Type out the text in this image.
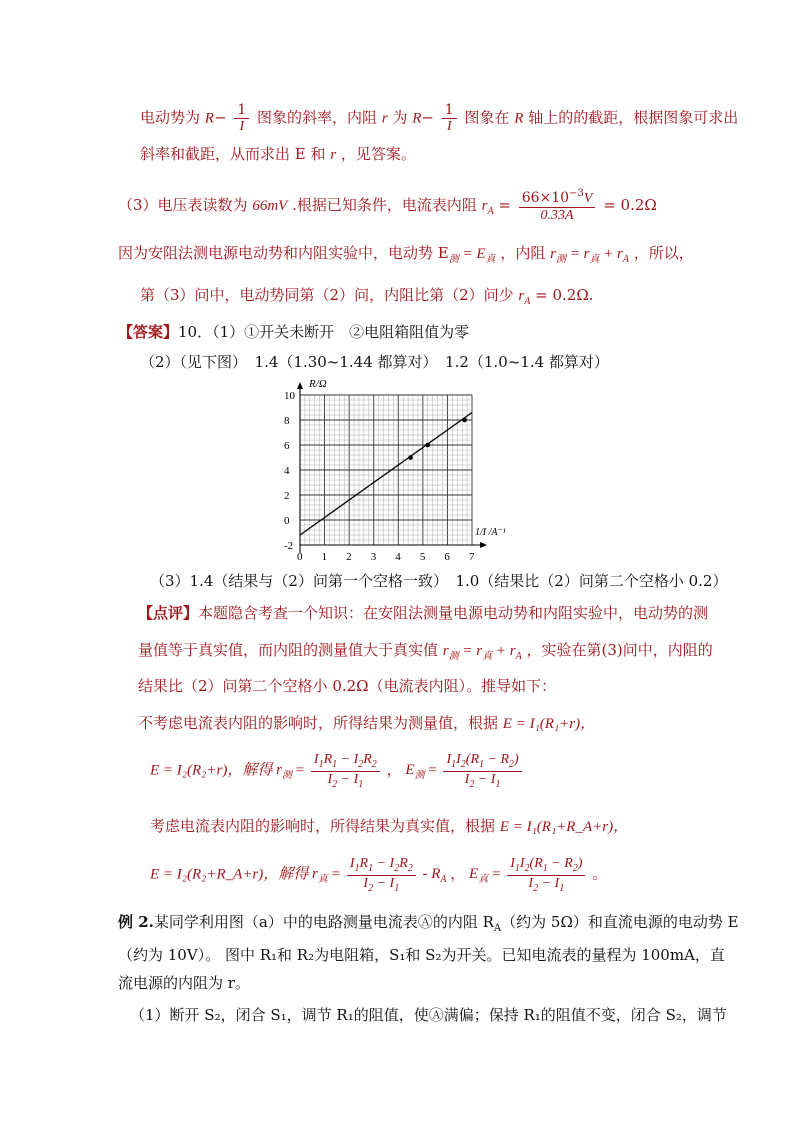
电动势为 $R- \frac{1}{I}$ 图象的斜率，内阻 r 为 $R- \frac{1}{I}$ 图象在 R 轴上的的截距，根据图象可求出
斜率和截距，从而求出 E 和 r ，见答案。
（3）电压表读数为 66mV .根据已知条件，电流表内阻 $r_A = \frac{66\times 10^{-3}V}{0.33A} = 0.2\Omega$
因为安阻法测电源电动势和内阻实验中，电动势 $E_测 = E_真$ ，内阻 $r_测 = r_真 + r_A$ ，所以，
第（3）问中，电动势同第（2）问，内阻比第（2）问少 $r_A = 0.2\Omega$.
【答案】10．（1）①开关未断开　②电阻箱阻值为零
（2）（见下图）　1.4（1.30~1.44 都算对）　1.2（1.0~1.4 都算对）
0 1 2 3 4 5 6 7
-2
0
2
4
6
8
10
R/Ω
1/I /A⁻¹
（3）1.4（结果与（2）问第一个空格一致）　1.0（结果比（2）问第二个空格小 0.2）
【点评】本题隐含考查一个知识：在安阻法测量电源电动势和内阻实验中，电动势的测
量值等于真实值，而内阻的测量值大于真实值 $r_测 = r_真 + r_A$ ，实验在第(3)问中，内阻的
结果比（2）问第二个空格小 0.2Ω（电流表内阻）。推导如下：
不考虑电流表内阻的影响时，所得结果为测量值，根据 E = I₁(R₁+r)，
E = I₂(R₂+r)，解得 $r_测 = \frac{I_1R_1 - I_2R_2}{I_2 - I_1}$ ， $E_测 = \frac{I_1I_2(R_1 - R_2)}{I_2 - I_1}$
考虑电流表内阻的影响时，所得结果为真实值，根据 E = I₁(R₁+R_A+r)，
E = I₂(R₂+R_A+r)，解得 $r_真 = \frac{I_1R_1 - I_2R_2}{I_2 - I_1} - R_A$ ， $E_真 = \frac{I_1I_2(R_1 - R_2)}{I_2 - I_1}$ 。
例 2.某同学利用图（a）中的电路测量电流表Ⓐ的内阻 $R_A$（约为 5Ω）和直流电源的电动势 E
（约为 10V）。 图中 R₁和 R₂为电阻箱，S₁和 S₂为开关。已知电流表的量程为 100mA，直
流电源的内阻为 r。
（1）断开 S₂，闭合 S₁，调节 R₁的阻值，使Ⓐ满偏；保持 R₁的阻值不变，闭合 S₂，调节
